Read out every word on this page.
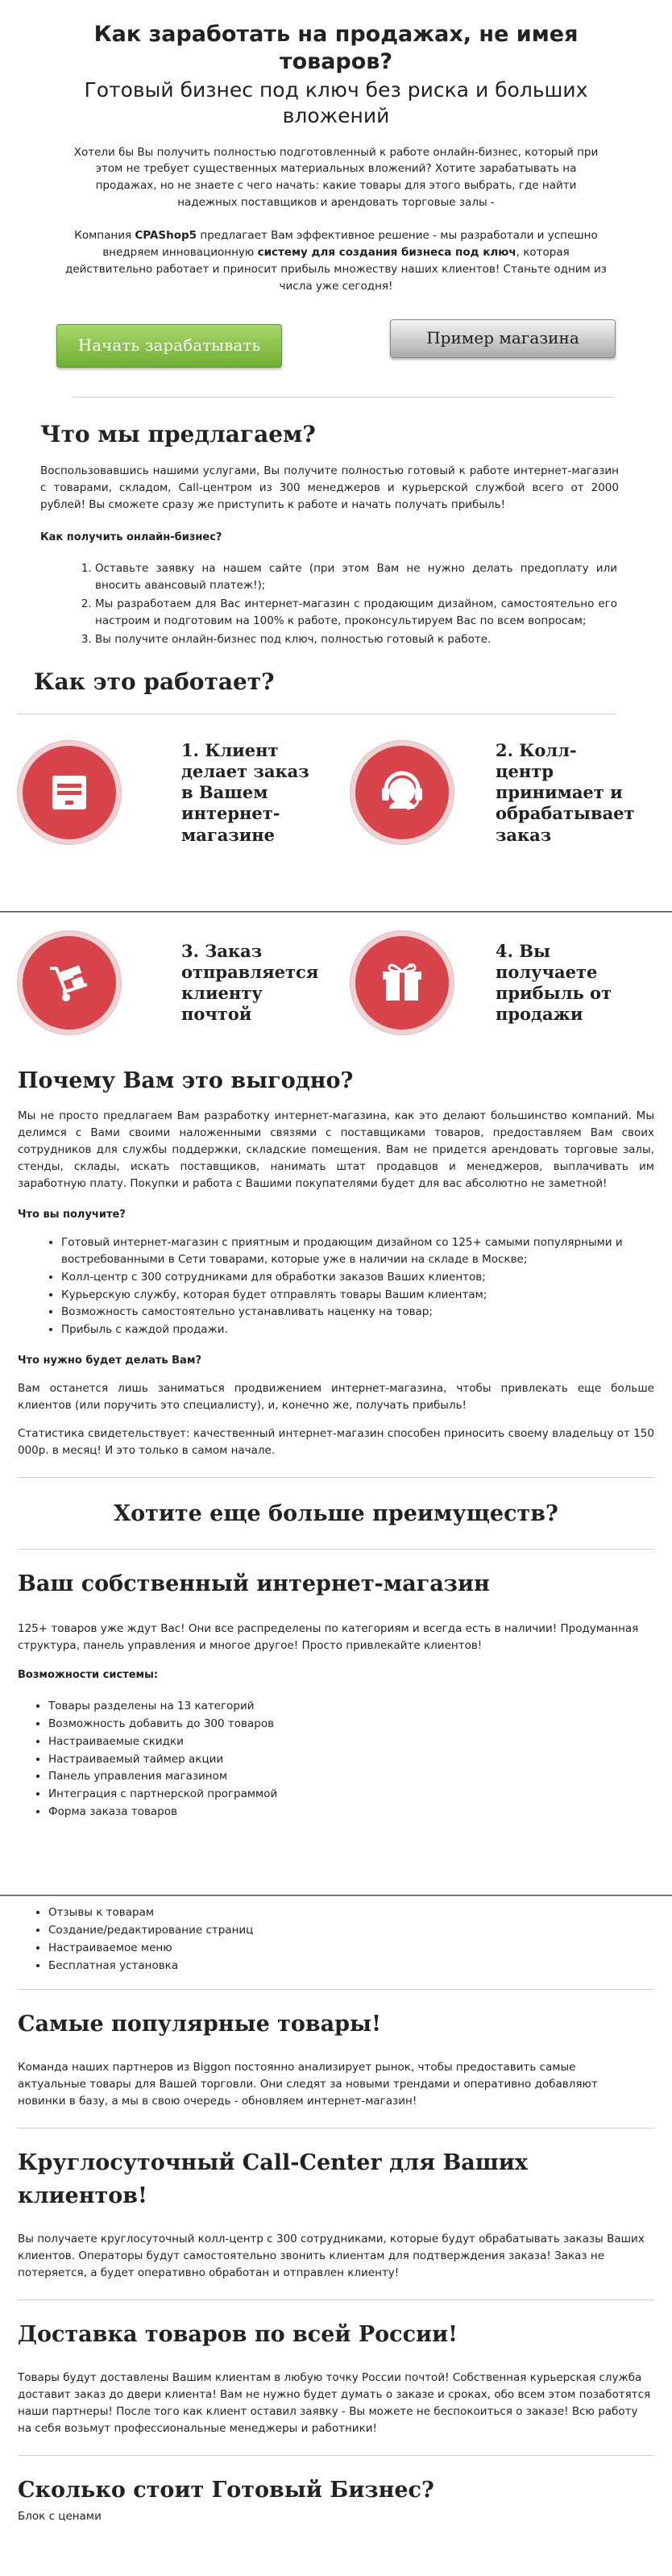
Как заработать на продажах, не имея товаров?
Готовый бизнес под ключ без риска и больших вложений

Хотели бы Вы получить полностью подготовленный к работе онлайн-бизнес, который при этом не требует существенных материальных вложений? Хотите зарабатывать на продажах, но не знаете с чего начать: какие товары для этого выбрать, где найти надежных поставщиков и арендовать торговые залы -

Компания CPAShop5 предлагает Вам эффективное решение - мы разработали и успешно внедряем инновационную систему для создания бизнеса под ключ, которая действительно работает и приносит прибыль множеству наших клиентов! Станьте одним из числа уже сегодня!

Начать зарабатывать	Пример магазина
Что мы предлагаем?

Воспользовавшись нашими услугами, Вы получите полностью готовый к работе интернет-магазин с товарами, складом, Call-центром из 300 менеджеров и курьерской службой всего от 2000 рублей! Вы сможете сразу же приступить к работе и начать получать прибыль!

Как получить онлайн-бизнес?

1. Оставьте заявку на нашем сайте (при этом Вам не нужно делать предоплату или вносить авансовый платеж!);
2. Мы разработаем для Вас интернет-магазин с продающим дизайном, самостоятельно его настроим и подготовим на 100% к работе, проконсультируем Вас по всем вопросам;
3. Вы получите онлайн-бизнес под ключ, полностью готовый к работе.
Как это работает?
1. Клиент делает заказ в Вашем интернет-магазине
2. Колл-центр принимает и обрабатывает заказ
3. Заказ отправляется клиенту почтой
4. Вы получаете прибыль от продажи
Почему Вам это выгодно?

Мы не просто предлагаем Вам разработку интернет-магазина, как это делают большинство компаний. Мы делимся с Вами своими наложенными связями с поставщиками товаров, предоставляем Вам своих сотрудников для службы поддержки, складские помещения. Вам не придется арендовать торговые залы, стенды, склады, искать поставщиков, нанимать штат продавцов и менеджеров, выплачивать им заработную плату. Покупки и работа с Вашими покупателями будет для вас абсолютно не заметной!

Что вы получите?

• Готовый интернет-магазин с приятным и продающим дизайном со 125+ самыми популярными и востребованными в Сети товарами, которые уже в наличии на складе в Москве;
• Колл-центр с 300 сотрудниками для обработки заказов Ваших клиентов;
• Курьерскую службу, которая будет отправлять товары Вашим клиентам;
• Возможность самостоятельно устанавливать наценку на товар;
• Прибыль с каждой продажи.

Что нужно будет делать Вам?

Вам останется лишь заниматься продвижением интернет-магазина, чтобы привлекать еще больше клиентов (или поручить это специалисту), и, конечно же, получать прибыль!

Статистика свидетельствует: качественный интернет-магазин способен приносить своему владельцу от 150 000р. в месяц! И это только в самом начале.

Хотите еще больше преимуществ?
Ваш собственный интернет-магазин

125+ товаров уже ждут Вас! Они все распределены по категориям и всегда есть в наличии! Продуманная структура, панель управления и многое другое! Просто привлекайте клиентов!

Возможности системы:

• Товары разделены на 13 категорий
• Возможность добавить до 300 товаров
• Настраиваемые скидки
• Настраиваемый таймер акции
• Панель управления магазином
• Интеграция с партнерской программой
• Форма заказа товаров
• Отзывы к товарам
• Создание/редактирование страниц
• Настраиваемое меню
• Бесплатная установка
Самые популярные товары!

Команда наших партнеров из Biggon постоянно анализирует рынок, чтобы предоставить самые актуальные товары для Вашей торговли. Они следят за новыми трендами и оперативно добавляют новинки в базу, а мы в свою очередь - обновляем интернет-магазин!

Круглосуточный Call-Center для Ваших клиентов!

Вы получаете круглосуточный колл-центр с 300 сотрудниками, которые будут обрабатывать заказы Ваших клиентов. Операторы будут самостоятельно звонить клиентам для подтверждения заказа! Заказ не потеряется, а будет оперативно обработан и отправлен клиенту!

Доставка товаров по всей России!

Товары будут доставлены Вашим клиентам в любую точку России почтой! Собственная курьерская служба доставит заказ до двери клиента! Вам не нужно будет думать о заказе и сроках, обо всем этом позаботятся наши партнеры! После того как клиент оставил заявку - Вы можете не беспокоиться о заказе! Всю работу на себя возьмут профессиональные менеджеры и работники!

Сколько стоит Готовый Бизнес?

Блок с ценами
